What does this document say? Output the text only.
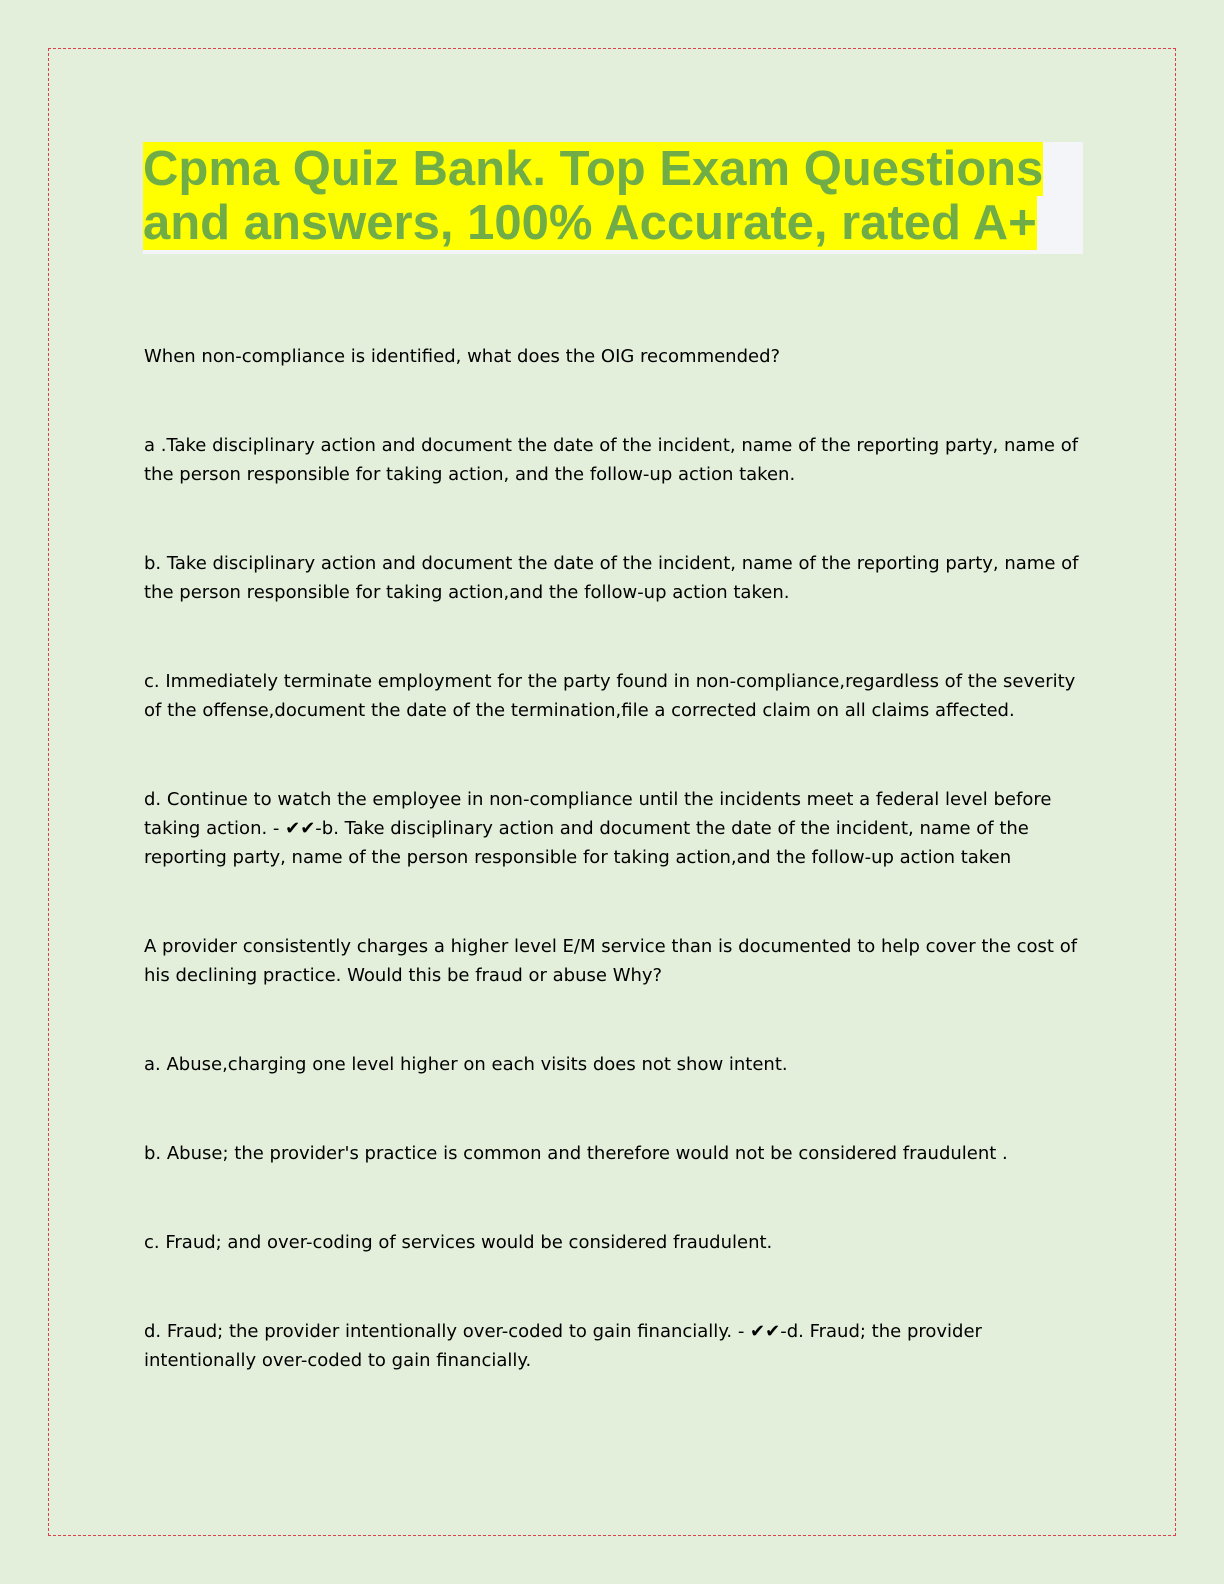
Cpma Quiz Bank. Top Exam Questions and answers, 100% Accurate, rated A+

When non-compliance is identified, what does the OIG recommended?

a .Take disciplinary action and document the date of the incident, name of the reporting party, name of the person responsible for taking action, and the follow-up action taken.

b. Take disciplinary action and document the date of the incident, name of the reporting party, name of the person responsible for taking action,and the follow-up action taken.

c. Immediately terminate employment for the party found in non-compliance,regardless of the severity of the offense,document the date of the termination,file a corrected claim on all claims affected.

d. Continue to watch the employee in non-compliance until the incidents meet a federal level before taking action. - ✔✔-b. Take disciplinary action and document the date of the incident, name of the reporting party, name of the person responsible for taking action,and the follow-up action taken

A provider consistently charges a higher level E/M service than is documented to help cover the cost of his declining practice. Would this be fraud or abuse Why?

a. Abuse,charging one level higher on each visits does not show intent.

b. Abuse; the provider's practice is common and therefore would not be considered fraudulent .

c. Fraud; and over-coding of services would be considered fraudulent.

d. Fraud; the provider intentionally over-coded to gain financially. - ✔✔-d. Fraud; the provider intentionally over-coded to gain financially.
